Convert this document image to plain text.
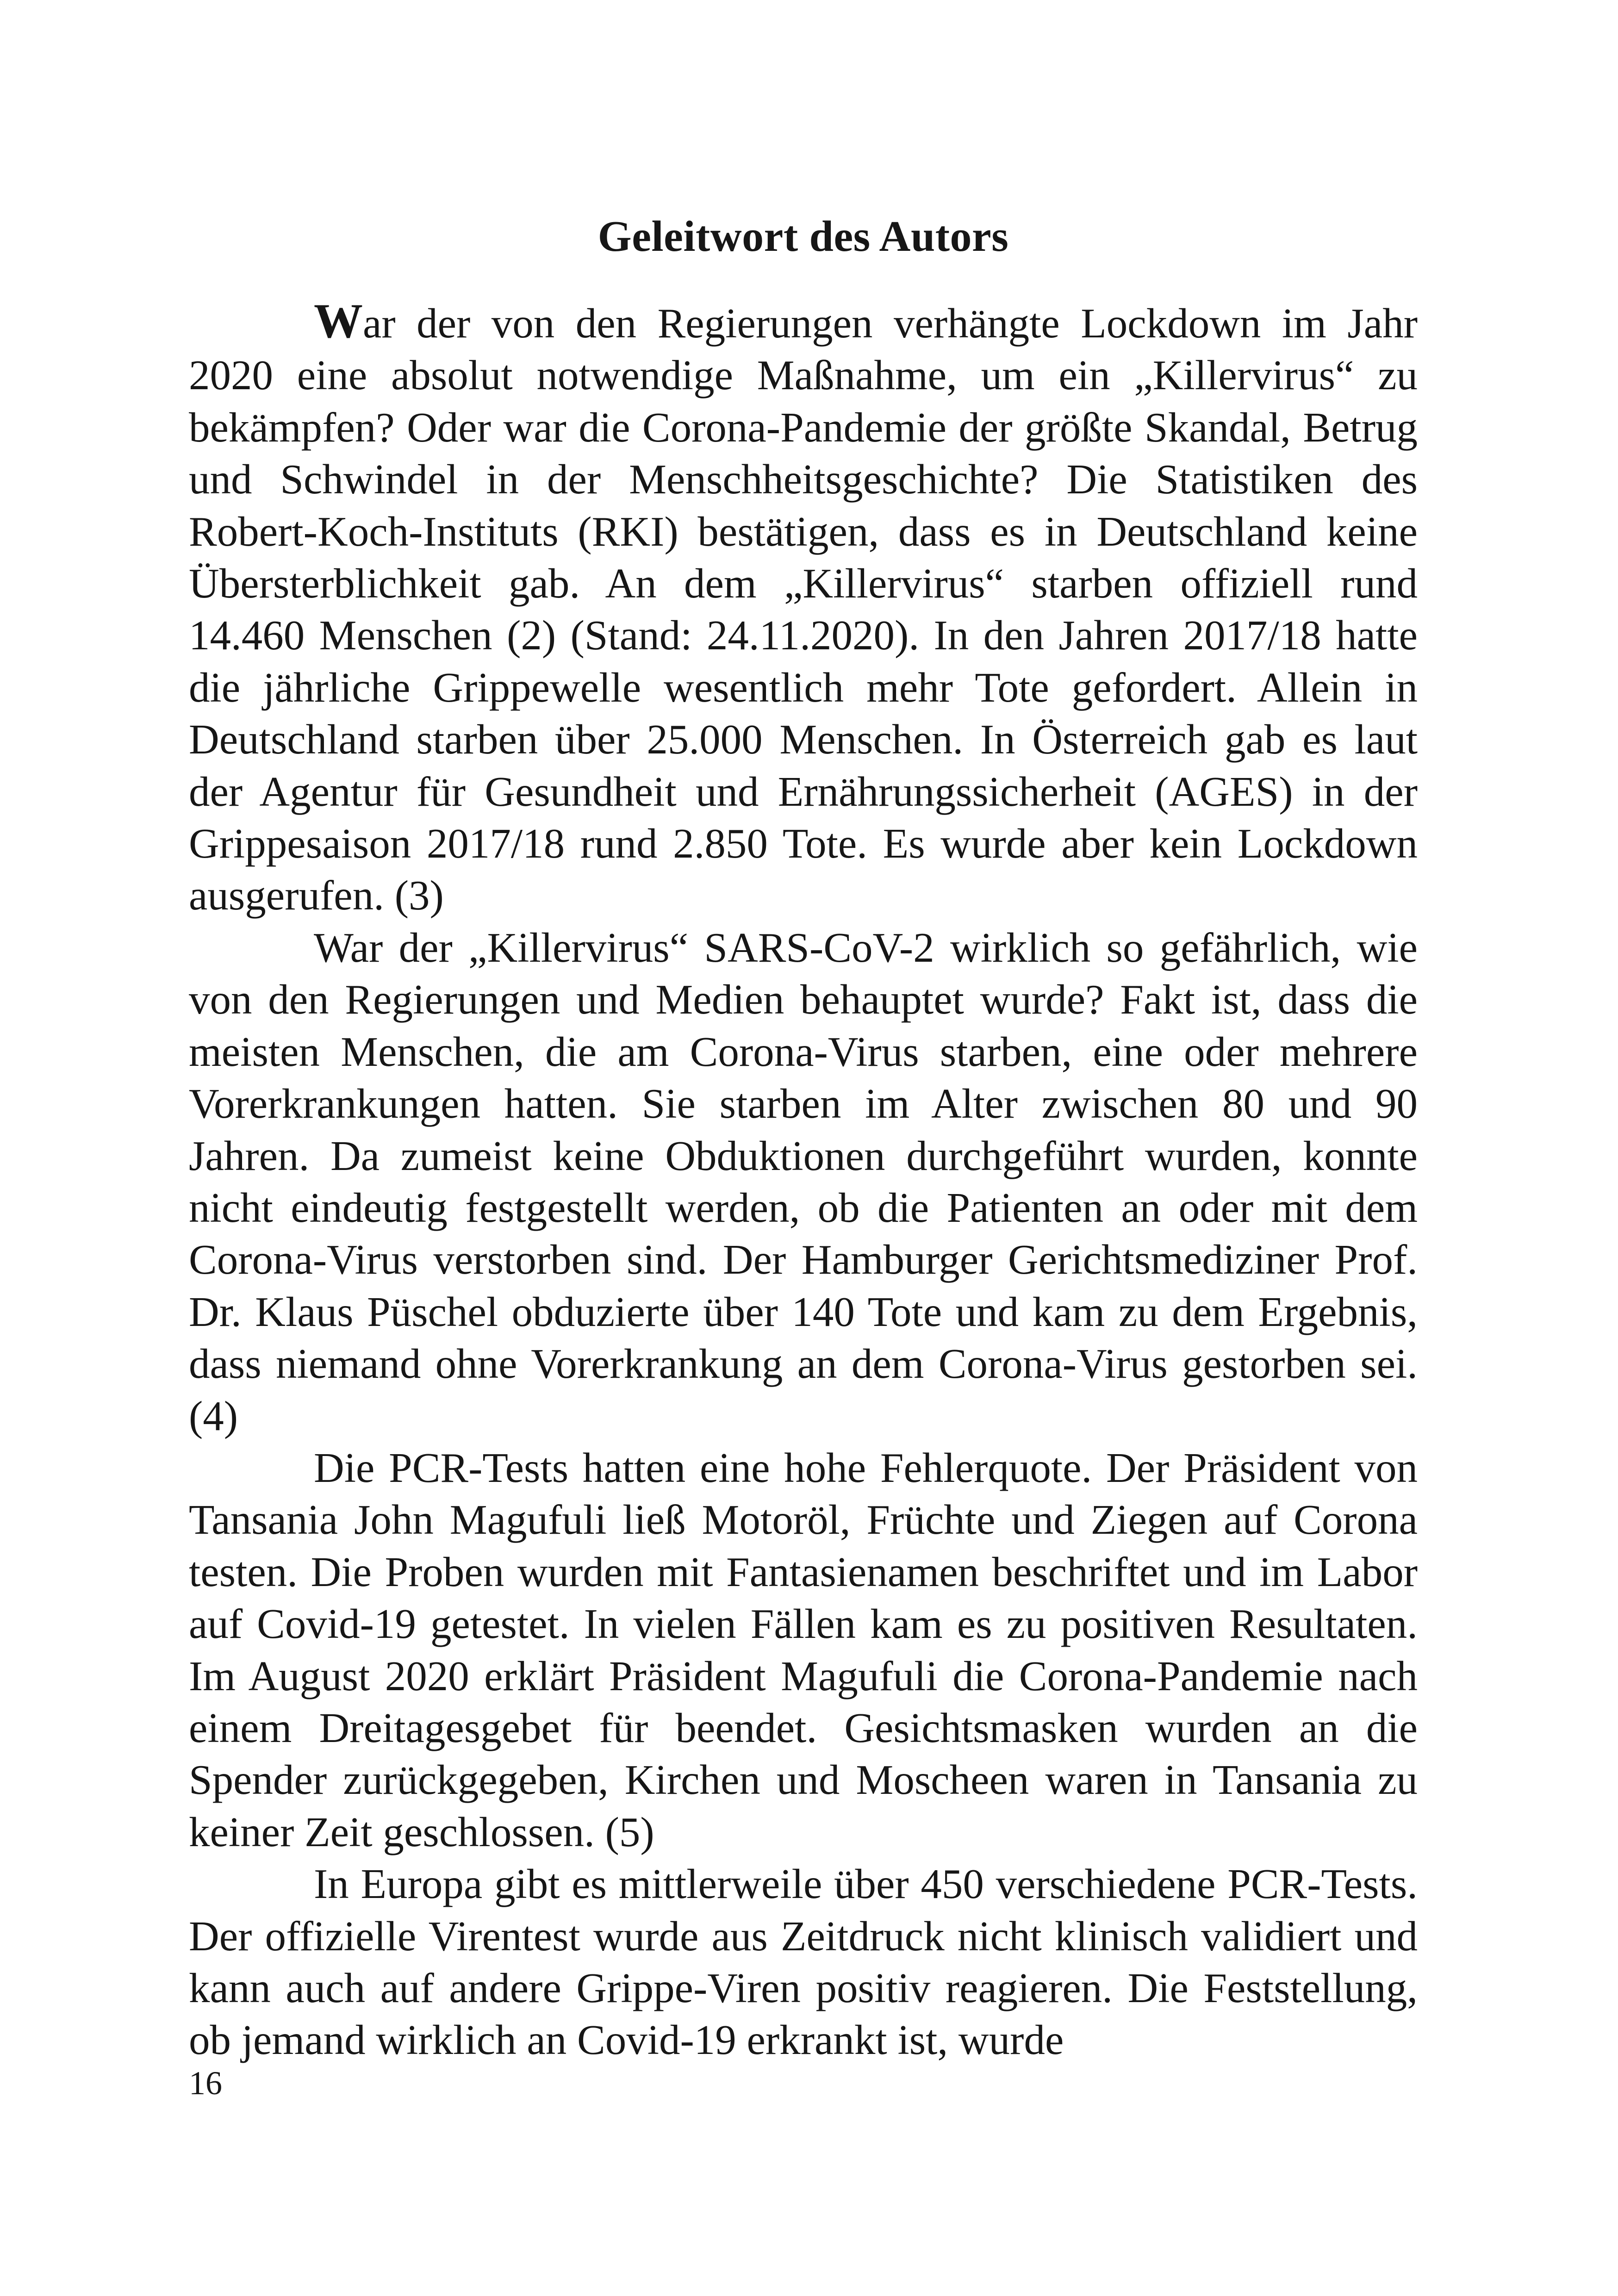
Geleitwort des Autors

War der von den Regierungen verhängte Lockdown im Jahr 2020 eine absolut notwendige Maßnahme, um ein „Killervirus“ zu bekämpfen? Oder war die Corona-Pandemie der größte Skandal, Betrug und Schwindel in der Menschheitsgeschichte? Die Statistiken des Robert-Koch-Instituts (RKI) bestätigen, dass es in Deutschland keine Übersterblichkeit gab. An dem „Killervirus“ starben offiziell rund 14.460 Menschen (2) (Stand: 24.11.2020). In den Jahren 2017/18 hatte die jährliche Grippewelle wesentlich mehr Tote gefordert. Allein in Deutschland starben über 25.000 Menschen. In Österreich gab es laut der Agentur für Gesundheit und Ernährungssicherheit (AGES) in der Grippesaison 2017/18 rund 2.850 Tote. Es wurde aber kein Lockdown ausgerufen. (3)

War der „Killervirus“ SARS-CoV-2 wirklich so gefährlich, wie von den Regierungen und Medien behauptet wurde? Fakt ist, dass die meisten Menschen, die am Corona-Virus starben, eine oder mehrere Vorerkrankungen hatten. Sie starben im Alter zwischen 80 und 90 Jahren. Da zumeist keine Obduktionen durchgeführt wurden, konnte nicht eindeutig festgestellt werden, ob die Patienten an oder mit dem Corona-Virus verstorben sind. Der Hamburger Gerichtsmediziner Prof. Dr. Klaus Püschel obduzierte über 140 Tote und kam zu dem Ergebnis, dass niemand ohne Vorerkrankung an dem Corona-Virus gestorben sei. (4)

Die PCR-Tests hatten eine hohe Fehlerquote. Der Präsident von Tansania John Magufuli ließ Motoröl, Früchte und Ziegen auf Corona testen. Die Proben wurden mit Fantasienamen beschriftet und im Labor auf Covid-19 getestet. In vielen Fällen kam es zu positiven Resultaten. Im August 2020 erklärt Präsident Magufuli die Corona-Pandemie nach einem Dreitagesgebet für beendet. Gesichtsmasken wurden an die Spender zurückgegeben, Kirchen und Moscheen waren in Tansania zu keiner Zeit geschlossen. (5)

In Europa gibt es mittlerweile über 450 verschiedene PCR-Tests. Der offizielle Virentest wurde aus Zeitdruck nicht klinisch validiert und kann auch auf andere Grippe-Viren positiv reagieren. Die Feststellung, ob jemand wirklich an Covid-19 erkrankt ist, wurde

16
